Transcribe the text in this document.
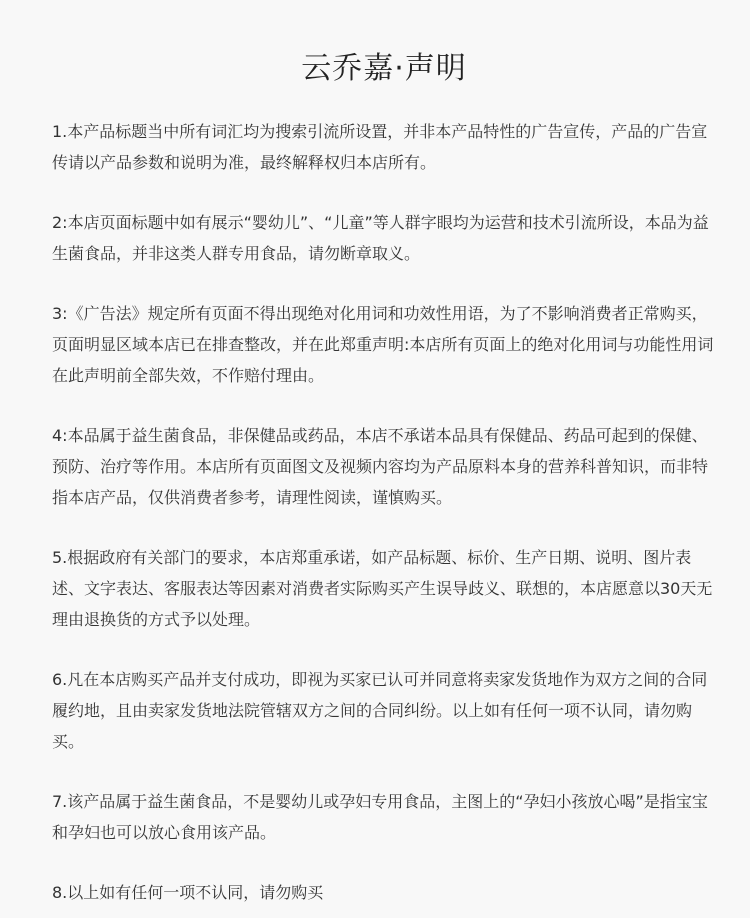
云乔嘉·声明

1.本产品标题当中所有词汇均为搜索引流所设置，并非本产品特性的广告宣传，产品的广告宣传请以产品参数和说明为准，最终解释权归本店所有。

2:本店页面标题中如有展示“婴幼儿”、“儿童”等人群字眼均为运营和技术引流所设，本品为益生菌食品，并非这类人群专用食品，请勿断章取义。

3:《广告法》规定所有页面不得出现绝对化用词和功效性用语，为了不影响消费者正常购买，页面明显区域本店已在排查整改，并在此郑重声明:本店所有页面上的绝对化用词与功能性用词在此声明前全部失效，不作赔付理由。

4:本品属于益生菌食品，非保健品或药品，本店不承诺本品具有保健品、药品可起到的保健、预防、治疗等作用。本店所有页面图文及视频内容均为产品原料本身的营养科普知识，而非特指本店产品，仅供消费者参考，请理性阅读，谨慎购买。

5.根据政府有关部门的要求，本店郑重承诺，如产品标题、标价、生产日期、说明、图片表述、文字表达、客服表达等因素对消费者实际购买产生误导歧义、联想的，本店愿意以30天无理由退换货的方式予以处理。

6.凡在本店购买产品并支付成功，即视为买家已认可并同意将卖家发货地作为双方之间的合同履约地，且由卖家发货地法院管辖双方之间的合同纠纷。以上如有任何一项不认同，请勿购买。

7.该产品属于益生菌食品，不是婴幼儿或孕妇专用食品，主图上的“孕妇小孩放心喝”是指宝宝和孕妇也可以放心食用该产品。

8.以上如有任何一项不认同，请勿购买
